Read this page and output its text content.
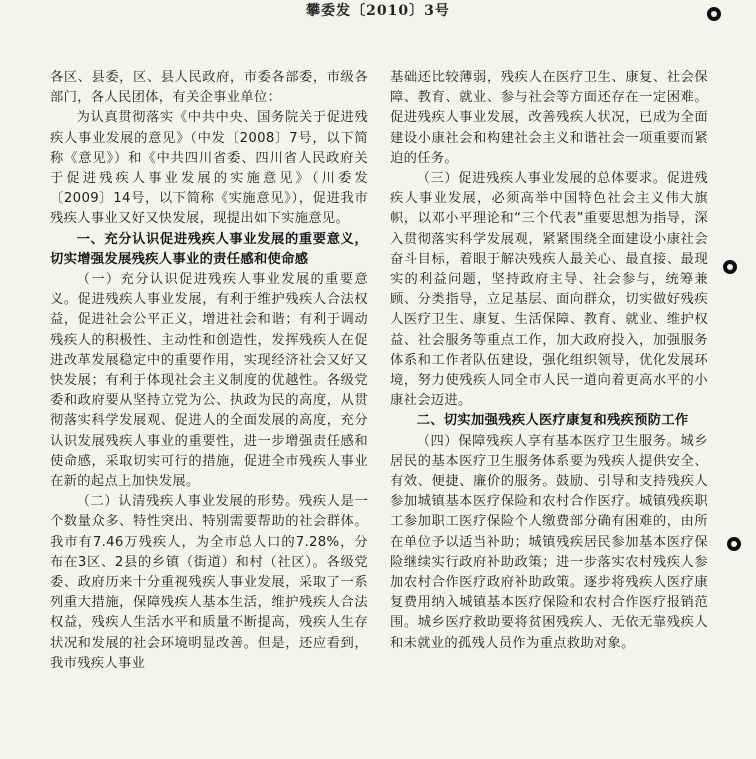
攀委发〔2010〕3号

各区、县委，区、县人民政府，市委各部委，市级各部门，各人民团体，有关企事业单位：

为认真贯彻落实《中共中央、国务院关于促进残疾人事业发展的意见》（中发〔2008〕7号，以下简称《意见》）和《中共四川省委、四川省人民政府关于促进残疾人事业发展的实施意见》（川委发〔2009〕14号，以下简称《实施意见》），促进我市残疾人事业又好又快发展，现提出如下实施意见。

一、充分认识促进残疾人事业发展的重要意义，切实增强发展残疾人事业的责任感和使命感

（一）充分认识促进残疾人事业发展的重要意义。促进残疾人事业发展，有利于维护残疾人合法权益，促进社会公平正义，增进社会和谐；有利于调动残疾人的积极性、主动性和创造性，发挥残疾人在促进改革发展稳定中的重要作用，实现经济社会又好又快发展；有利于体现社会主义制度的优越性。各级党委和政府要从坚持立党为公、执政为民的高度，从贯彻落实科学发展观、促进人的全面发展的高度，充分认识发展残疾人事业的重要性，进一步增强责任感和使命感，采取切实可行的措施，促进全市残疾人事业在新的起点上加快发展。

（二）认清残疾人事业发展的形势。残疾人是一个数量众多、特性突出、特别需要帮助的社会群体。我市有7.46万残疾人，为全市总人口的7.28%，分布在3区、2县的乡镇（街道）和村（社区）。各级党委、政府历来十分重视残疾人事业发展，采取了一系列重大措施，保障残疾人基本生活，维护残疾人合法权益，残疾人生活水平和质量不断提高，残疾人生存状况和发展的社会环境明显改善。但是，还应看到，我市残疾人事业

基础还比较薄弱，残疾人在医疗卫生、康复、社会保障、教育、就业、参与社会等方面还存在一定困难。促进残疾人事业发展，改善残疾人状况，已成为全面建设小康社会和构建社会主义和谐社会一项重要而紧迫的任务。

（三）促进残疾人事业发展的总体要求。促进残疾人事业发展，必须高举中国特色社会主义伟大旗帜，以邓小平理论和“三个代表”重要思想为指导，深入贯彻落实科学发展观，紧紧围绕全面建设小康社会奋斗目标，着眼于解决残疾人最关心、最直接、最现实的利益问题，坚持政府主导、社会参与，统筹兼顾、分类指导，立足基层、面向群众，切实做好残疾人医疗卫生、康复、生活保障、教育、就业、维护权益、社会服务等重点工作，加大政府投入，加强服务体系和工作者队伍建设，强化组织领导，优化发展环境，努力使残疾人同全市人民一道向着更高水平的小康社会迈进。

二、切实加强残疾人医疗康复和残疾预防工作

（四）保障残疾人享有基本医疗卫生服务。城乡居民的基本医疗卫生服务体系要为残疾人提供安全、有效、便捷、廉价的服务。鼓励、引导和支持残疾人参加城镇基本医疗保险和农村合作医疗。城镇残疾职工参加职工医疗保险个人缴费部分确有困难的，由所在单位予以适当补助；城镇残疾居民参加基本医疗保险继续实行政府补助政策；进一步落实农村残疾人参加农村合作医疗政府补助政策。逐步将残疾人医疗康复费用纳入城镇基本医疗保险和农村合作医疗报销范围。城乡医疗救助要将贫困残疾人、无依无靠残疾人和未就业的孤残人员作为重点救助对象。
